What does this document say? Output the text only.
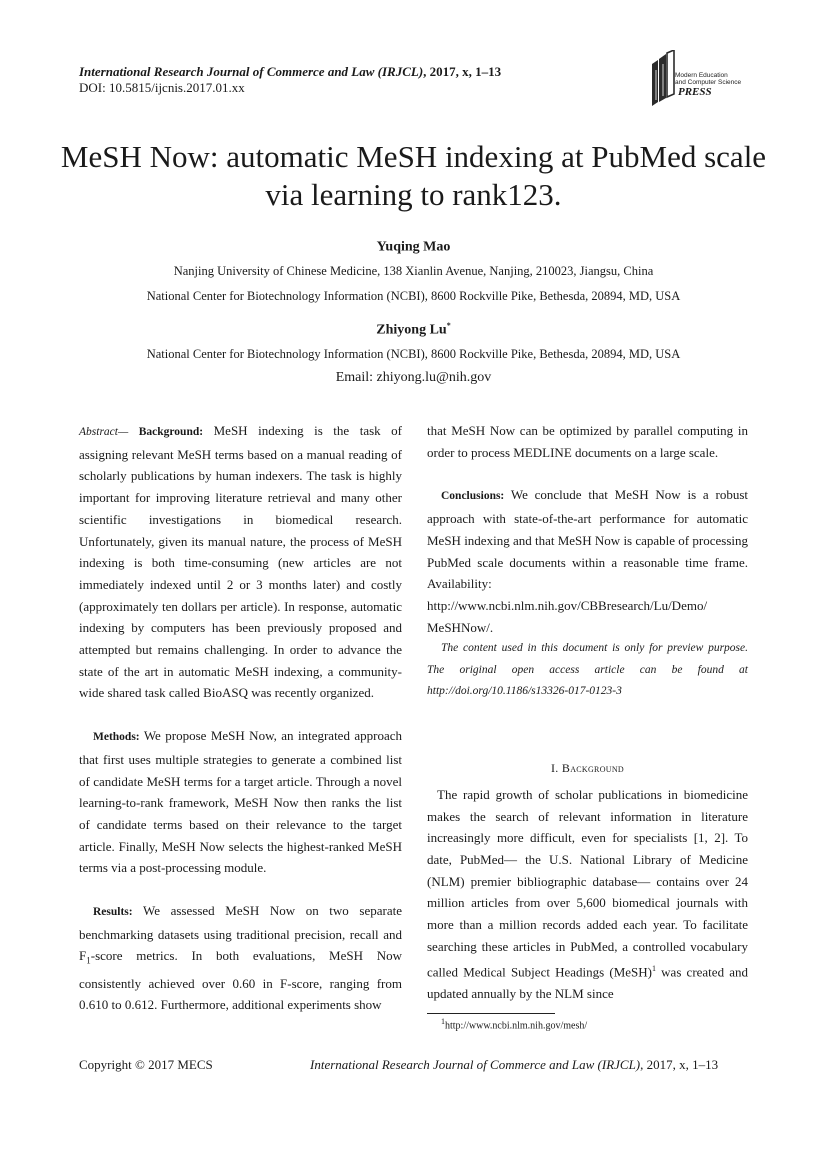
International Research Journal of Commerce and Law (IRJCL), 2017, x, 1–13
DOI: 10.5815/ijcnis.2017.01.xx
Modern Education
and Computer Science
PRESS
MeSH Now: automatic MeSH indexing at PubMed scale via learning to rank123.
Yuqing Mao
Nanjing University of Chinese Medicine, 138 Xianlin Avenue, Nanjing, 210023, Jiangsu, China
National Center for Biotechnology Information (NCBI), 8600 Rockville Pike, Bethesda, 20894, MD, USA
Zhiyong Lu*
National Center for Biotechnology Information (NCBI), 8600 Rockville Pike, Bethesda, 20894, MD, USA
Email: zhiyong.lu@nih.gov

Abstract— Background: MeSH indexing is the task of assigning relevant MeSH terms based on a manual reading of scholarly publications by human indexers. The task is highly important for improving literature retrieval and many other scientific investigations in biomedical research. Unfortunately, given its manual nature, the process of MeSH indexing is both time-consuming (new articles are not immediately indexed until 2 or 3 months later) and costly (approximately ten dollars per article). In response, automatic indexing by computers has been previously proposed and attempted but remains challenging. In order to advance the state of the art in automatic MeSH indexing, a community-wide shared task called BioASQ was recently organized.

Methods: We propose MeSH Now, an integrated approach that first uses multiple strategies to generate a combined list of candidate MeSH terms for a target article. Through a novel learning-to-rank framework, MeSH Now then ranks the list of candidate terms based on their relevance to the target article. Finally, MeSH Now selects the highest-ranked MeSH terms via a post-processing module.

Results: We assessed MeSH Now on two separate benchmarking datasets using traditional precision, recall and $F_1$-score metrics. In both evaluations, MeSH Now consistently achieved over 0.60 in F-score, ranging from 0.610 to 0.612. Furthermore, additional experiments show

that MeSH Now can be optimized by parallel computing in order to process MEDLINE documents on a large scale.

Conclusions: We conclude that MeSH Now is a robust approach with state-of-the-art performance for automatic MeSH indexing and that MeSH Now is capable of processing PubMed scale documents within a reasonable time frame. Availability: http://www.ncbi.nlm.nih.gov/CBBresearch/Lu/Demo/ MeSHNow/.

The content used in this document is only for preview purpose. The original open access article can be found at http://doi.org/10.1186/s13326-017-0123-3

I. Background

The rapid growth of scholar publications in biomedicine makes the search of relevant information in literature increasingly more difficult, even for specialists [1, 2]. To date, PubMed— the U.S. National Library of Medicine (NLM) premier bibliographic database— contains over 24 million articles from over 5,600 biomedical journals with more than a million records added each year. To facilitate searching these articles in PubMed, a controlled vocabulary called Medical Subject Headings (MeSH)$^1$ was created and updated annually by the NLM since

$^1$http://www.ncbi.nlm.nih.gov/mesh/
Copyright © 2017 MECS	International Research Journal of Commerce and Law (IRJCL), 2017, x, 1–13
